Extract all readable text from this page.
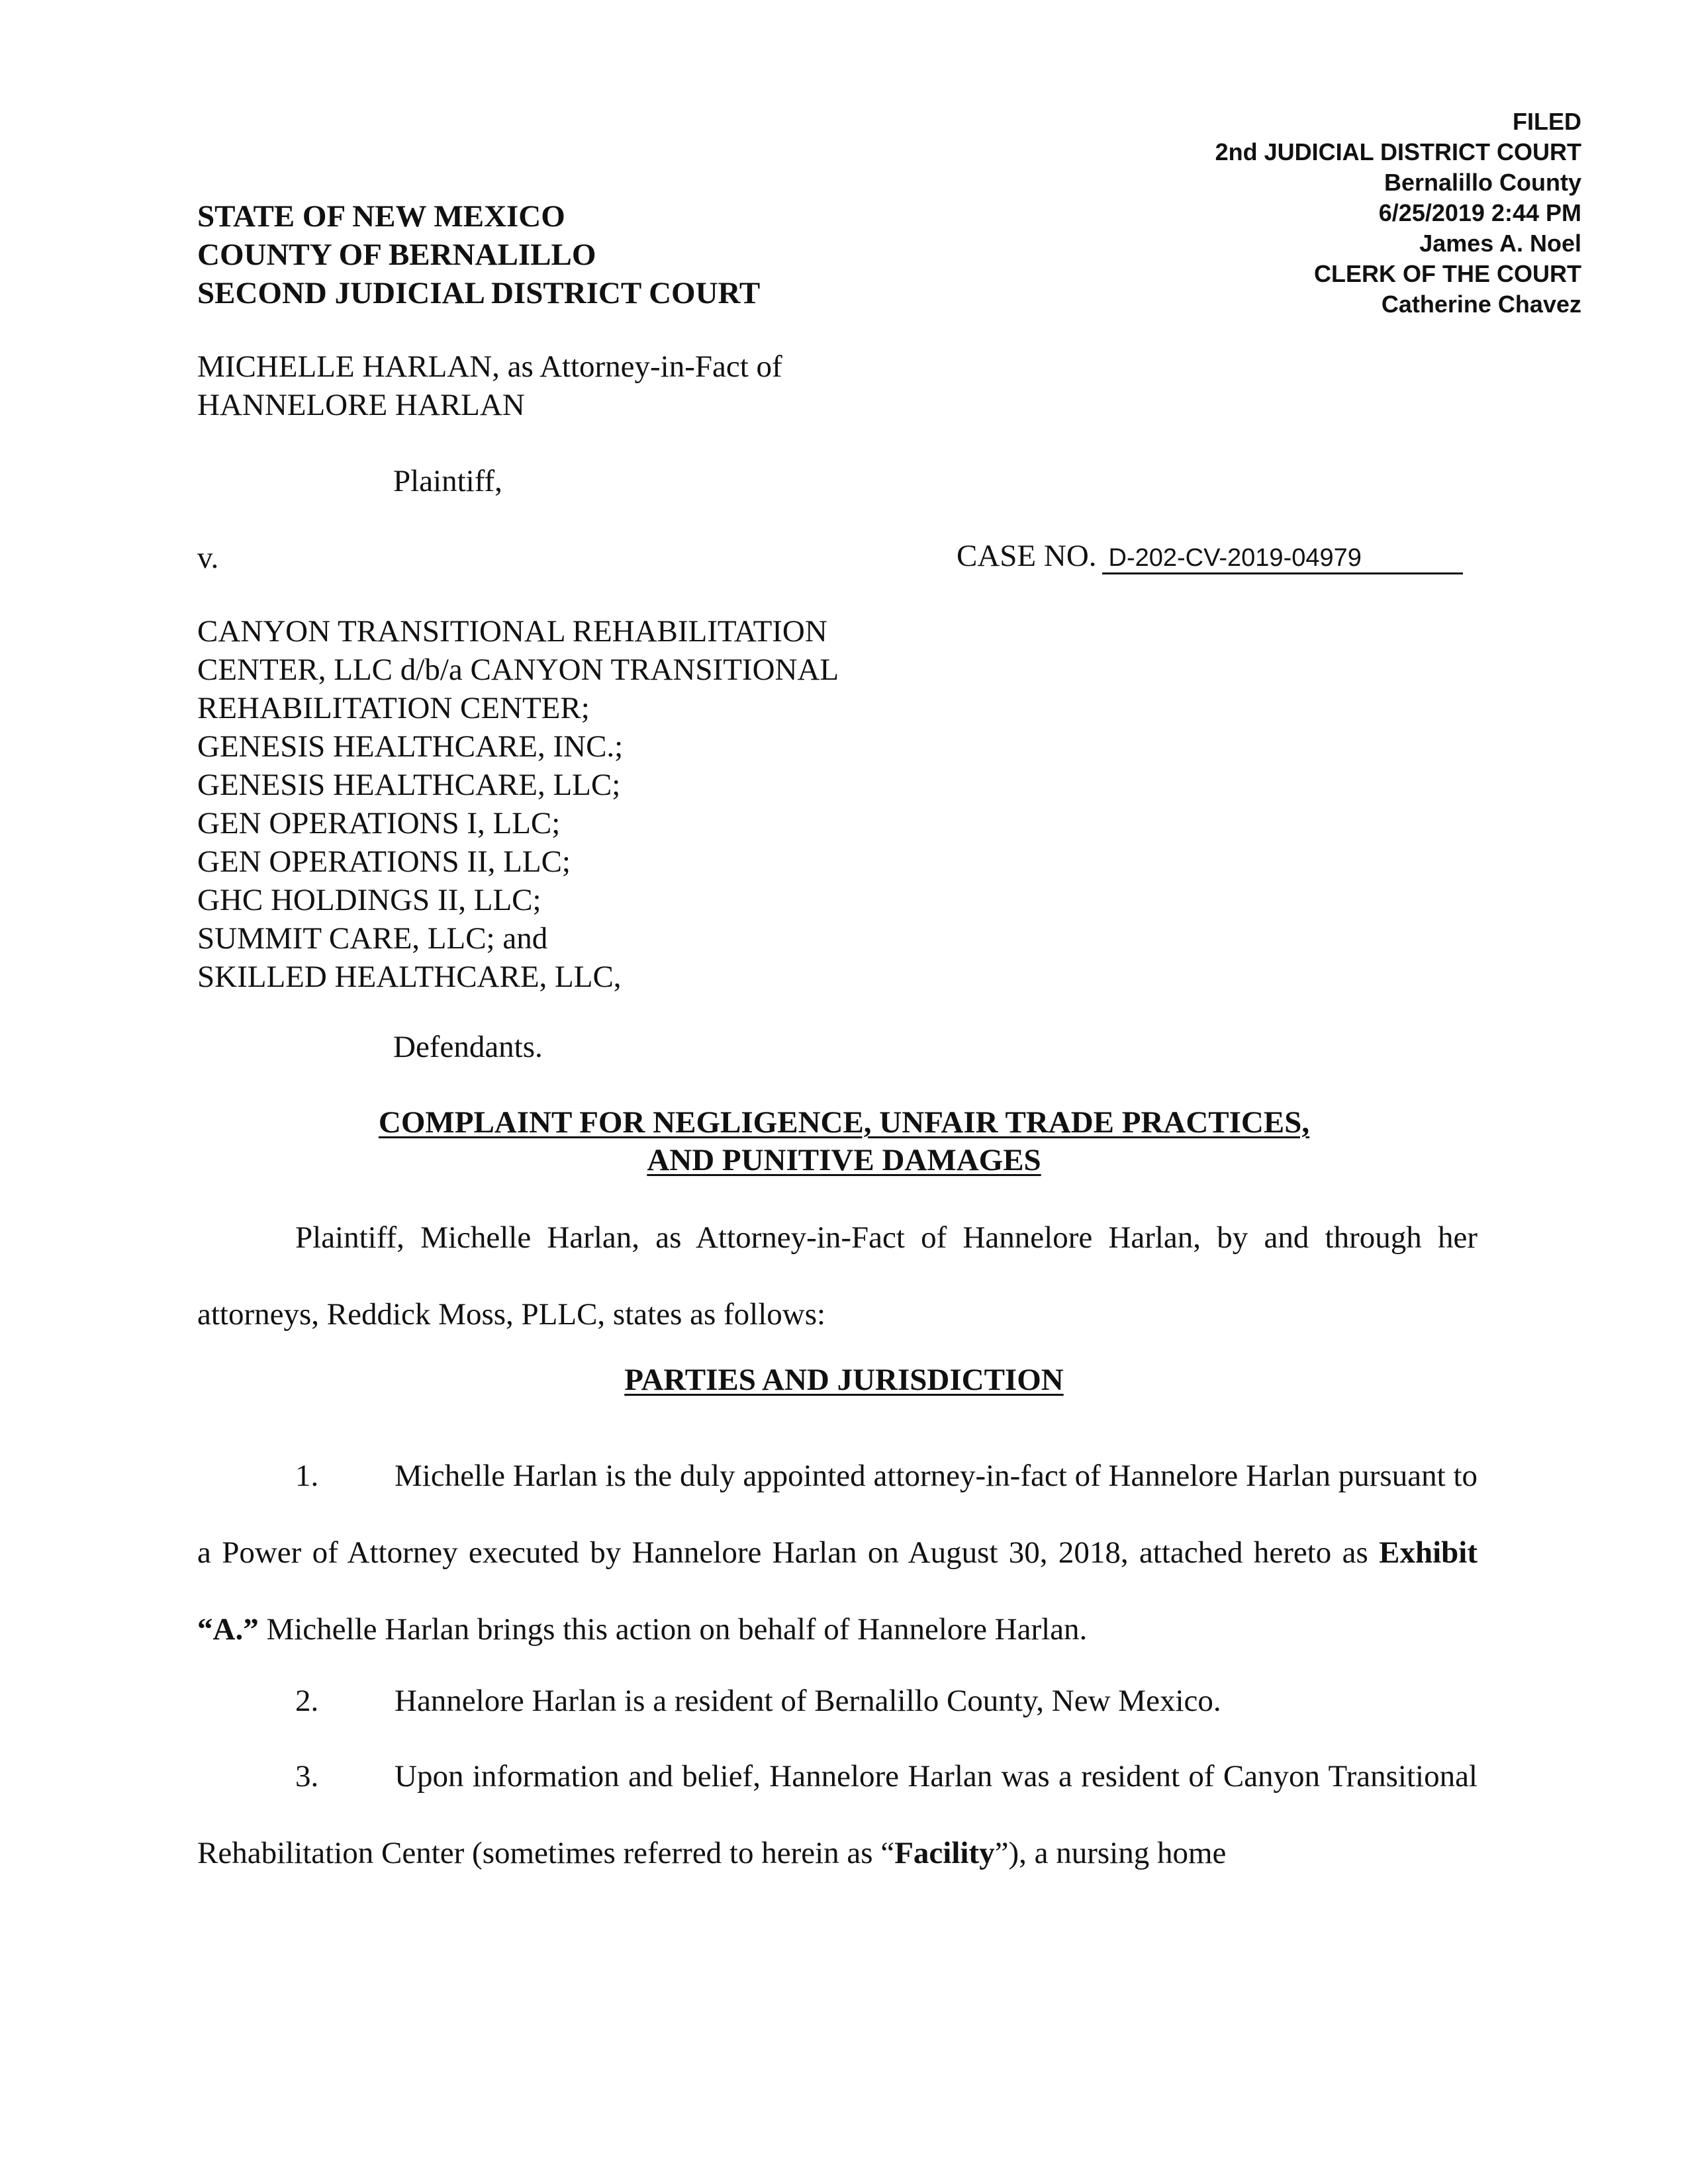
FILED
2nd JUDICIAL DISTRICT COURT
Bernalillo County
6/25/2019 2:44 PM
James A. Noel
CLERK OF THE COURT
Catherine Chavez
STATE OF NEW MEXICO
COUNTY OF BERNALILLO
SECOND JUDICIAL DISTRICT COURT
MICHELLE HARLAN, as Attorney-in-Fact of
HANNELORE HARLAN
Plaintiff,
v.	CASE NO. D-202-CV-2019-04979
CANYON TRANSITIONAL REHABILITATION
CENTER, LLC d/b/a CANYON TRANSITIONAL
REHABILITATION CENTER;
GENESIS HEALTHCARE, INC.;
GENESIS HEALTHCARE, LLC;
GEN OPERATIONS I, LLC;
GEN OPERATIONS II, LLC;
GHC HOLDINGS II, LLC;
SUMMIT CARE, LLC; and
SKILLED HEALTHCARE, LLC,
Defendants.
COMPLAINT FOR NEGLIGENCE, UNFAIR TRADE PRACTICES,
AND PUNITIVE DAMAGES
Plaintiff, Michelle Harlan, as Attorney-in-Fact of Hannelore Harlan, by and through her attorneys, Reddick Moss, PLLC, states as follows:
PARTIES AND JURISDICTION
1. Michelle Harlan is the duly appointed attorney-in-fact of Hannelore Harlan pursuant to a Power of Attorney executed by Hannelore Harlan on August 30, 2018, attached hereto as Exhibit “A.” Michelle Harlan brings this action on behalf of Hannelore Harlan.
2. Hannelore Harlan is a resident of Bernalillo County, New Mexico.
3. Upon information and belief, Hannelore Harlan was a resident of Canyon Transitional Rehabilitation Center (sometimes referred to herein as “Facility”), a nursing home
